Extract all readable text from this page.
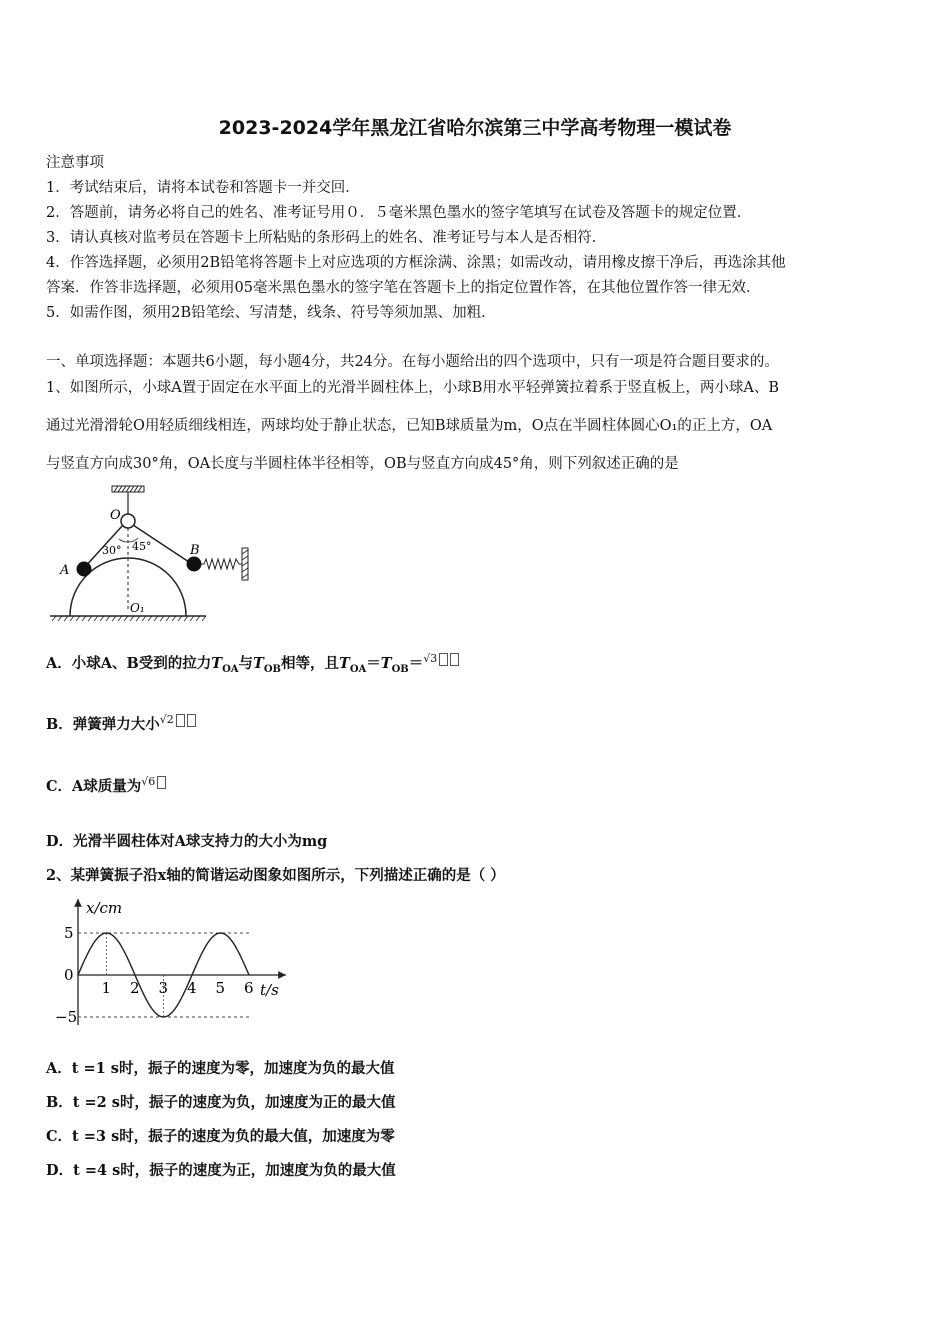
2023-2024学年黑龙江省哈尔滨第三中学高考物理一模试卷
注意事项
1．考试结束后，请将本试卷和答题卡一并交回．
2．答题前，请务必将自己的姓名、准考证号用０．５毫米黑色墨水的签字笔填写在试卷及答题卡的规定位置．
3．请认真核对监考员在答题卡上所粘贴的条形码上的姓名、准考证号与本人是否相符．
4．作答选择题，必须用2B铅笔将答题卡上对应选项的方框涂满、涂黑；如需改动，请用橡皮擦干净后，再选涂其他
答案．作答非选择题，必须用05毫米黑色墨水的签字笔在答题卡上的指定位置作答，在其他位置作答一律无效．
5．如需作图，须用2B铅笔绘、写清楚，线条、符号等须加黑、加粗．
一、单项选择题：本题共6小题，每小题4分，共24分。在每小题给出的四个选项中，只有一项是符合题目要求的。
1、如图所示，小球A置于固定在水平面上的光滑半圆柱体上，小球B用水平轻弹簧拉着系于竖直板上，两小球A、B
通过光滑滑轮O用轻质细线相连，两球均处于静止状态，已知B球质量为m，O点在半圆柱体圆心O₁的正上方，OA
与竖直方向成30°角，OA长度与半圆柱体半径相等，OB与竖直方向成45°角，则下列叙述正确的是
O
A
B
O₁
30° 45°
A．小球A、B受到的拉力$T_{OA}$与$T_{OB}$相等，且$T_{OA}=T_{OB}=^{√3}$
B．弹簧弹力大小$^{√2}$
C．A球质量为$^{√6}$
D．光滑半圆柱体对A球支持力的大小为mg
2、某弹簧振子沿x轴的简谐运动图象如图所示，下列描述正确的是（ ）
x/cm
t/s
1 2 3 4 5 6
5
0
−5
A．t =1 s时，振子的速度为零，加速度为负的最大值
B．t =2 s时，振子的速度为负，加速度为正的最大值
C．t =3 s时，振子的速度为负的最大值，加速度为零
D．t =4 s时，振子的速度为正，加速度为负的最大值
